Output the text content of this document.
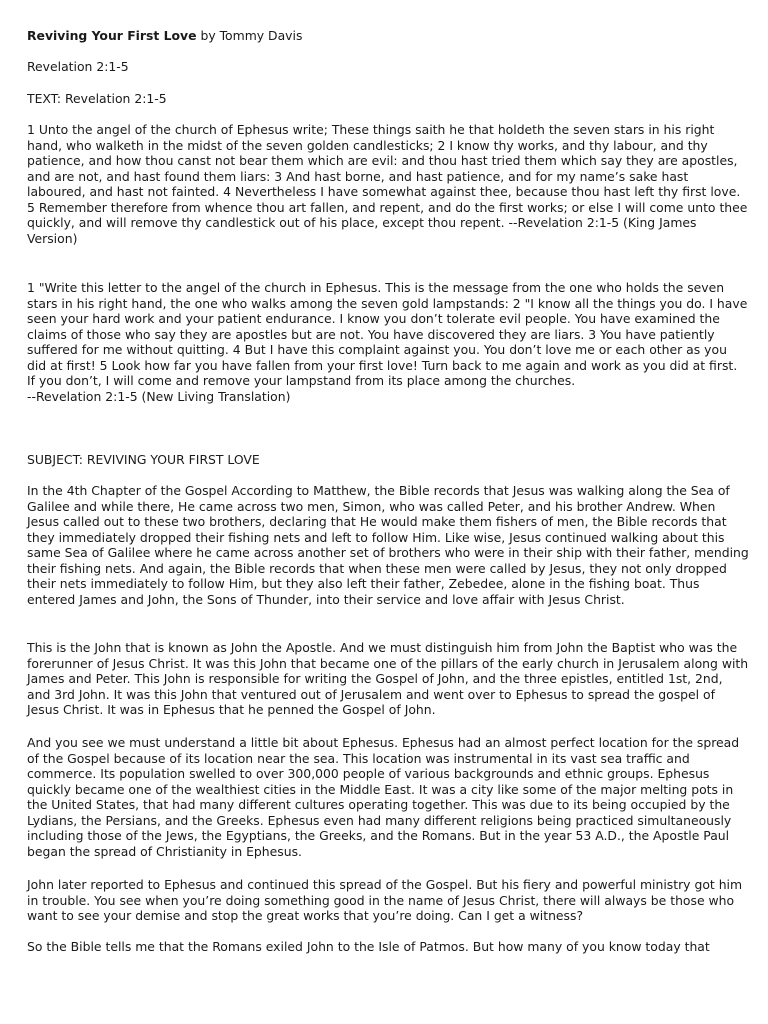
Reviving Your First Love by Tommy Davis

Revelation 2:1-5

TEXT: Revelation 2:1-5

1 Unto the angel of the church of Ephesus write; These things saith he that holdeth the seven stars in his right hand, who walketh in the midst of the seven golden candlesticks; 2 I know thy works, and thy labour, and thy patience, and how thou canst not bear them which are evil: and thou hast tried them which say they are apostles, and are not, and hast found them liars: 3 And hast borne, and hast patience, and for my name’s sake hast laboured, and hast not fainted. 4 Nevertheless I have somewhat against thee, because thou hast left thy first love. 5 Remember therefore from whence thou art fallen, and repent, and do the first works; or else I will come unto thee quickly, and will remove thy candlestick out of his place, except thou repent. --Revelation 2:1-5 (King James Version)

1 "Write this letter to the angel of the church in Ephesus. This is the message from the one who holds the seven stars in his right hand, the one who walks among the seven gold lampstands: 2 "I know all the things you do. I have seen your hard work and your patient endurance. I know you don’t tolerate evil people. You have examined the claims of those who say they are apostles but are not. You have discovered they are liars. 3 You have patiently suffered for me without quitting. 4 But I have this complaint against you. You don’t love me or each other as you did at first! 5 Look how far you have fallen from your first love! Turn back to me again and work as you did at first. If you don’t, I will come and remove your lampstand from its place among the churches.
--Revelation 2:1-5 (New Living Translation)

SUBJECT: REVIVING YOUR FIRST LOVE

In the 4th Chapter of the Gospel According to Matthew, the Bible records that Jesus was walking along the Sea of Galilee and while there, He came across two men, Simon, who was called Peter, and his brother Andrew. When Jesus called out to these two brothers, declaring that He would make them fishers of men, the Bible records that they immediately dropped their fishing nets and left to follow Him. Like wise, Jesus continued walking about this same Sea of Galilee where he came across another set of brothers who were in their ship with their father, mending their fishing nets. And again, the Bible records that when these men were called by Jesus, they not only dropped their nets immediately to follow Him, but they also left their father, Zebedee, alone in the fishing boat. Thus entered James and John, the Sons of Thunder, into their service and love affair with Jesus Christ.

This is the John that is known as John the Apostle. And we must distinguish him from John the Baptist who was the forerunner of Jesus Christ. It was this John that became one of the pillars of the early church in Jerusalem along with James and Peter. This John is responsible for writing the Gospel of John, and the three epistles, entitled 1st, 2nd, and 3rd John. It was this John that ventured out of Jerusalem and went over to Ephesus to spread the gospel of Jesus Christ. It was in Ephesus that he penned the Gospel of John.

And you see we must understand a little bit about Ephesus. Ephesus had an almost perfect location for the spread of the Gospel because of its location near the sea. This location was instrumental in its vast sea traffic and commerce. Its population swelled to over 300,000 people of various backgrounds and ethnic groups. Ephesus quickly became one of the wealthiest cities in the Middle East. It was a city like some of the major melting pots in the United States, that had many different cultures operating together. This was due to its being occupied by the Lydians, the Persians, and the Greeks. Ephesus even had many different religions being practiced simultaneously including those of the Jews, the Egyptians, the Greeks, and the Romans. But in the year 53 A.D., the Apostle Paul began the spread of Christianity in Ephesus.

John later reported to Ephesus and continued this spread of the Gospel. But his fiery and powerful ministry got him in trouble. You see when you’re doing something good in the name of Jesus Christ, there will always be those who want to see your demise and stop the great works that you’re doing. Can I get a witness?

So the Bible tells me that the Romans exiled John to the Isle of Patmos. But how many of you know today that
